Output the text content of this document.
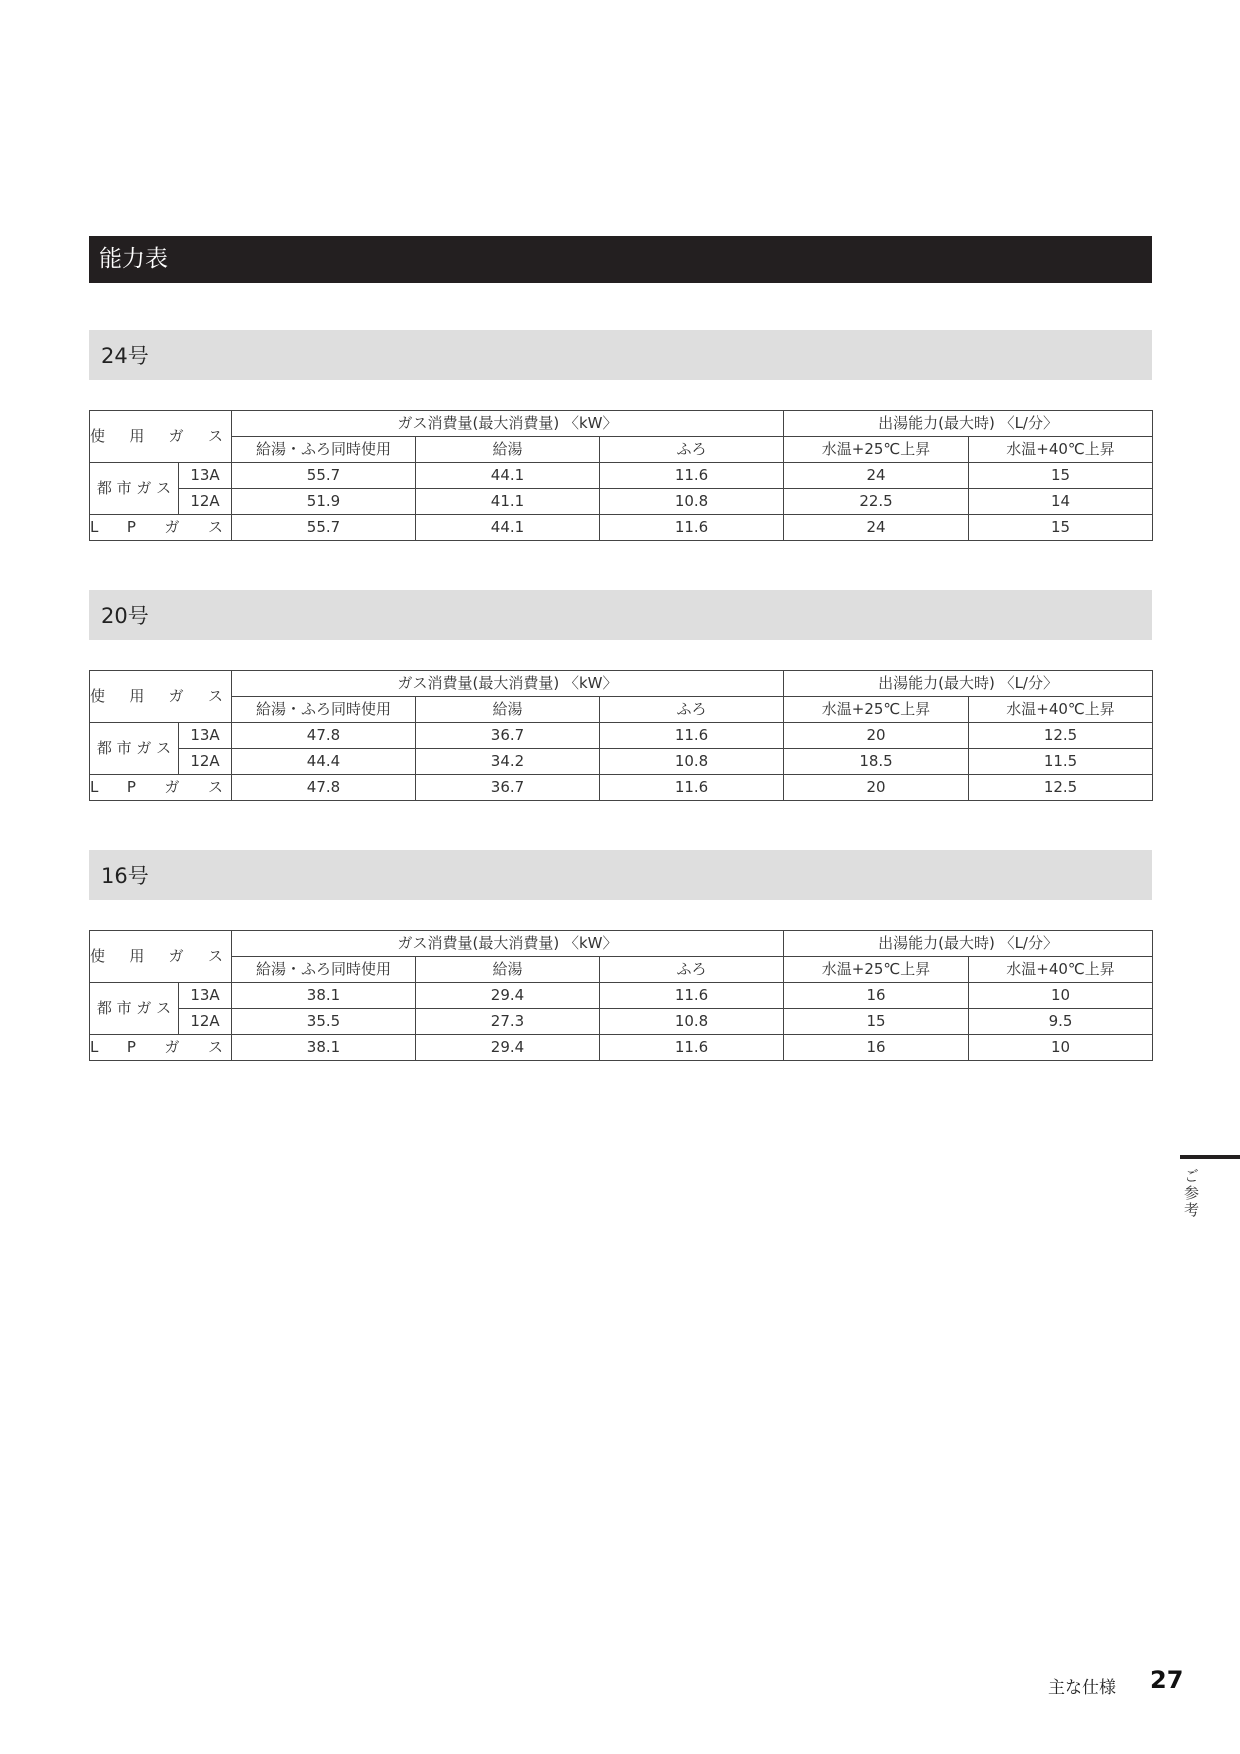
能力表
24号
使 用 ガ ス		ガス消費量(最大消費量) 〈kW〉			出湯能力(最大時) 〈L/分〉	
		給湯・ふろ同時使用	給湯	ふろ	水温+25℃上昇	水温+40℃上昇
都 市 ガ ス	13A	55.7	44.1	11.6	24	15
	12A	51.9	41.1	10.8	22.5	14

L P ガ ス		55.7	44.1	11.6	24	15
20号
使 用 ガ ス		ガス消費量(最大消費量) 〈kW〉			出湯能力(最大時) 〈L/分〉	
		給湯・ふろ同時使用	給湯	ふろ	水温+25℃上昇	水温+40℃上昇
都 市 ガ ス	13A	47.8	36.7	11.6	20	12.5
	12A	44.4	34.2	10.8	18.5	11.5

L P ガ ス		47.8	36.7	11.6	20	12.5
16号
使 用 ガ ス		ガス消費量(最大消費量) 〈kW〉			出湯能力(最大時) 〈L/分〉	
		給湯・ふろ同時使用	給湯	ふろ	水温+25℃上昇	水温+40℃上昇
都 市 ガ ス	13A	38.1	29.4	11.6	16	10
	12A	35.5	27.3	10.8	15	9.5

L P ガ ス		38.1	29.4	11.6	16	10
ご参考
主な仕様 27
